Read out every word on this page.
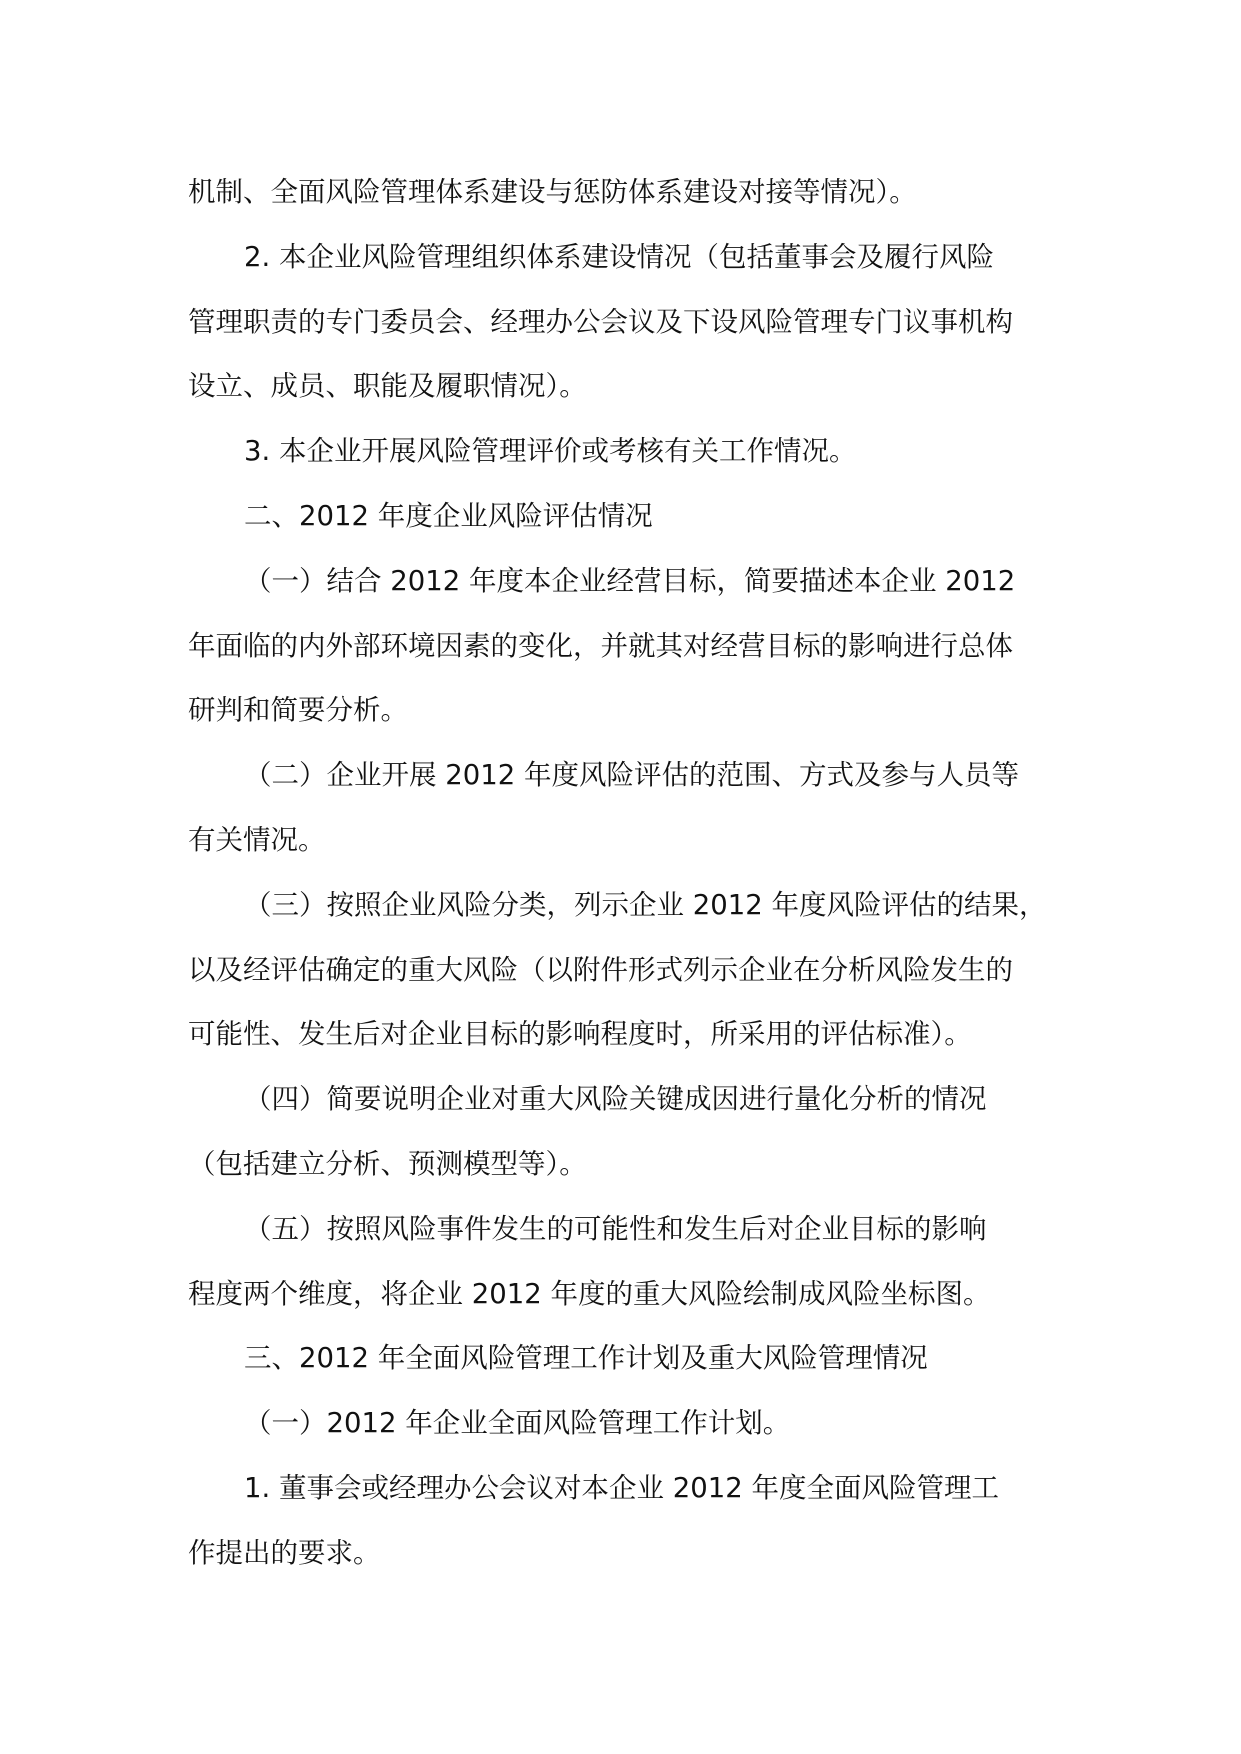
机制、全面风险管理体系建设与惩防体系建设对接等情况）。
2. 本企业风险管理组织体系建设情况（包括董事会及履行风险
管理职责的专门委员会、经理办公会议及下设风险管理专门议事机构
设立、成员、职能及履职情况）。
3. 本企业开展风险管理评价或考核有关工作情况。
二、2012 年度企业风险评估情况
（一）结合 2012 年度本企业经营目标，简要描述本企业 2012
年面临的内外部环境因素的变化，并就其对经营目标的影响进行总体
研判和简要分析。
（二）企业开展 2012 年度风险评估的范围、方式及参与人员等
有关情况。
（三）按照企业风险分类，列示企业 2012 年度风险评估的结果，
以及经评估确定的重大风险（以附件形式列示企业在分析风险发生的
可能性、发生后对企业目标的影响程度时，所采用的评估标准）。
（四）简要说明企业对重大风险关键成因进行量化分析的情况
（包括建立分析、预测模型等）。
（五）按照风险事件发生的可能性和发生后对企业目标的影响
程度两个维度，将企业 2012 年度的重大风险绘制成风险坐标图。
三、2012 年全面风险管理工作计划及重大风险管理情况
（一）2012 年企业全面风险管理工作计划。
1. 董事会或经理办公会议对本企业 2012 年度全面风险管理工
作提出的要求。
